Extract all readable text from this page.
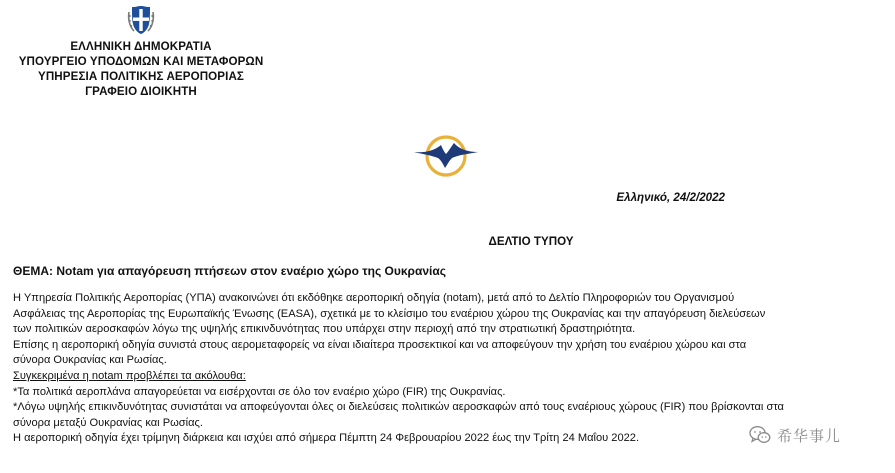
ΕΛΛΗΝΙΚΗ ΔΗΜΟΚΡΑΤΙΑ
ΥΠΟΥΡΓΕΙΟ ΥΠΟΔΟΜΩΝ ΚΑΙ ΜΕΤΑΦΟΡΩΝ
ΥΠΗΡΕΣΙΑ ΠΟΛΙΤΙΚΗΣ ΑΕΡΟΠΟΡΙΑΣ
ΓΡΑΦΕΙΟ ΔΙΟΙΚΗΤΗ
Ελληνικό, 24/2/2022
ΔΕΛΤΙΟ ΤΥΠΟΥ
ΘΕΜΑ: Notam για απαγόρευση πτήσεων στον εναέριο χώρο της Ουκρανίας
Η Υπηρεσία Πολιτικής Αεροπορίας (ΥΠΑ) ανακοινώνει ότι εκδόθηκε αεροπορική οδηγία (notam), μετά από το Δελτίο Πληροφοριών του Οργανισμού
Ασφάλειας της Αεροπορίας της Ευρωπαϊκής Ένωσης (EASA), σχετικά με το κλείσιμο του εναέριου χώρου της Ουκρανίας και την απαγόρευση διελεύσεων
των πολιτικών αεροσκαφών λόγω της υψηλής επικινδυνότητας που υπάρχει στην περιοχή από την στρατιωτική δραστηριότητα.
Επίσης η αεροπορική οδηγία συνιστά στους αερομεταφορείς να είναι ιδιαίτερα προσεκτικοί και να αποφεύγουν την χρήση του εναέριου χώρου και στα
σύνορα Ουκρανίας και Ρωσίας.
Συγκεκριμένα η notam προβλέπει τα ακόλουθα:
*Τα πολιτικά αεροπλάνα απαγορεύεται να εισέρχονται σε όλο τον εναέριο χώρο (FIR) της Ουκρανίας.
*Λόγω υψηλής επικινδυνότητας συνιστάται να αποφεύγονται όλες οι διελεύσεις πολιτικών αεροσκαφών από τους εναέριους χώρους (FIR) που βρίσκονται στα
σύνορα μεταξύ Ουκρανίας και Ρωσίας.
Η αεροπορική οδηγία έχει τρίμηνη διάρκεια και ισχύει από σήμερα Πέμπτη 24 Φεβρουαρίου 2022 έως την Τρίτη 24 Μαΐου 2022.	希华事儿
